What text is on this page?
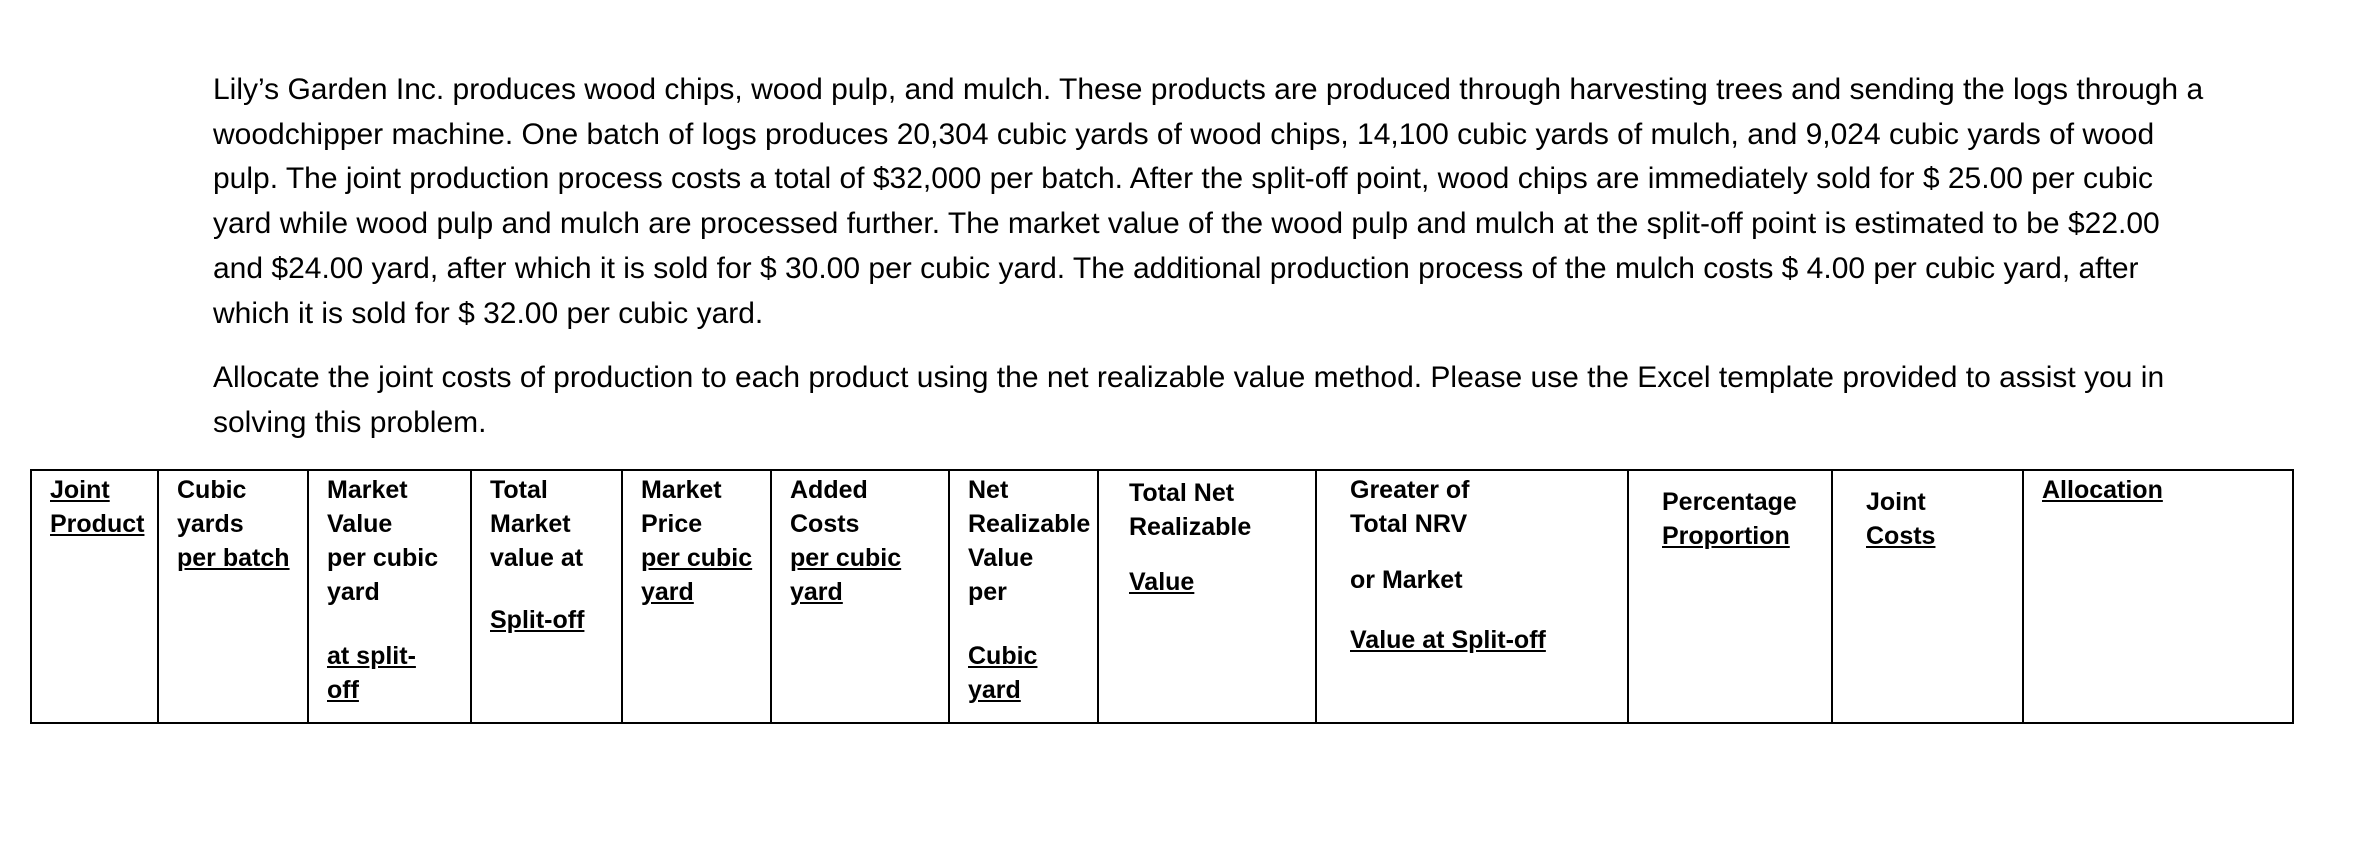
Lily’s Garden Inc. produces wood chips, wood pulp, and mulch. These products are produced through harvesting trees and sending the logs through a woodchipper machine. One batch of logs produces 20,304 cubic yards of wood chips, 14,100 cubic yards of mulch, and 9,024 cubic yards of wood pulp. The joint production process costs a total of $32,000 per batch. After the split-off point, wood chips are immediately sold for $ 25.00 per cubic yard while wood pulp and mulch are processed further. The market value of the wood pulp and mulch at the split-off point is estimated to be $22.00 and $24.00 yard, after which it is sold for $ 30.00 per cubic yard. The additional production process of the mulch costs $ 4.00 per cubic yard, after which it is sold for $ 32.00 per cubic yard.
Allocate the joint costs of production to each product using the net realizable value method. Please use the Excel template provided to assist you in solving this problem.
Joint
Product
Cubic
yards
per batch
Market
Value
per cubic
yard
at split-
off
Total
Market
value at
Split-off
Market
Price
per cubic
yard
Added
Costs
per cubic
yard
Net
Realizable
Value
per
Cubic
yard
Total Net
Realizable
Value
Greater of
Total NRV
or Market
Value at Split-off
Percentage
Proportion
Joint
Costs
Allocation
